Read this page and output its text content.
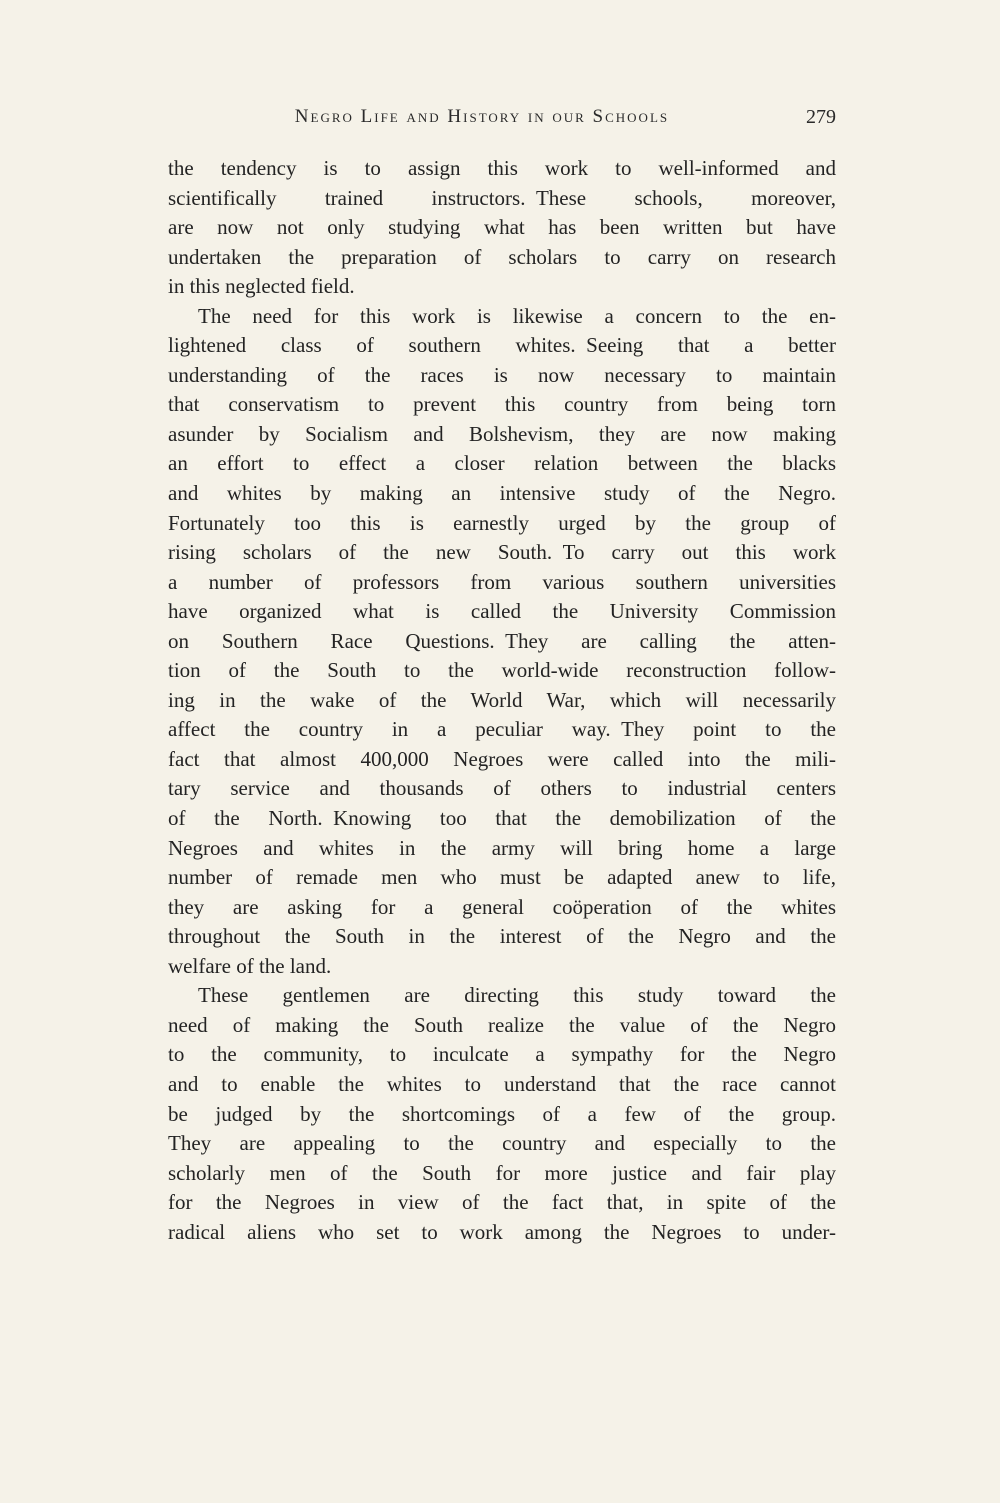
Negro Life and History in our Schools	279
the tendency is to assign this work to well-informed and
scientifically trained instructors. These schools, moreover,
are now not only studying what has been written but have
undertaken the preparation of scholars to carry on research
in this neglected field.
The need for this work is likewise a concern to the en-
lightened class of southern whites. Seeing that a better
understanding of the races is now necessary to maintain
that conservatism to prevent this country from being torn
asunder by Socialism and Bolshevism, they are now making
an effort to effect a closer relation between the blacks
and whites by making an intensive study of the Negro.
Fortunately too this is earnestly urged by the group of
rising scholars of the new South. To carry out this work
a number of professors from various southern universities
have organized what is called the University Commission
on Southern Race Questions. They are calling the atten-
tion of the South to the world-wide reconstruction follow-
ing in the wake of the World War, which will necessarily
affect the country in a peculiar way. They point to the
fact that almost 400,000 Negroes were called into the mili-
tary service and thousands of others to industrial centers
of the North. Knowing too that the demobilization of the
Negroes and whites in the army will bring home a large
number of remade men who must be adapted anew to life,
they are asking for a general coöperation of the whites
throughout the South in the interest of the Negro and the
welfare of the land.
These gentlemen are directing this study toward the
need of making the South realize the value of the Negro
to the community, to inculcate a sympathy for the Negro
and to enable the whites to understand that the race cannot
be judged by the shortcomings of a few of the group.
They are appealing to the country and especially to the
scholarly men of the South for more justice and fair play
for the Negroes in view of the fact that, in spite of the
radical aliens who set to work among the Negroes to under-
